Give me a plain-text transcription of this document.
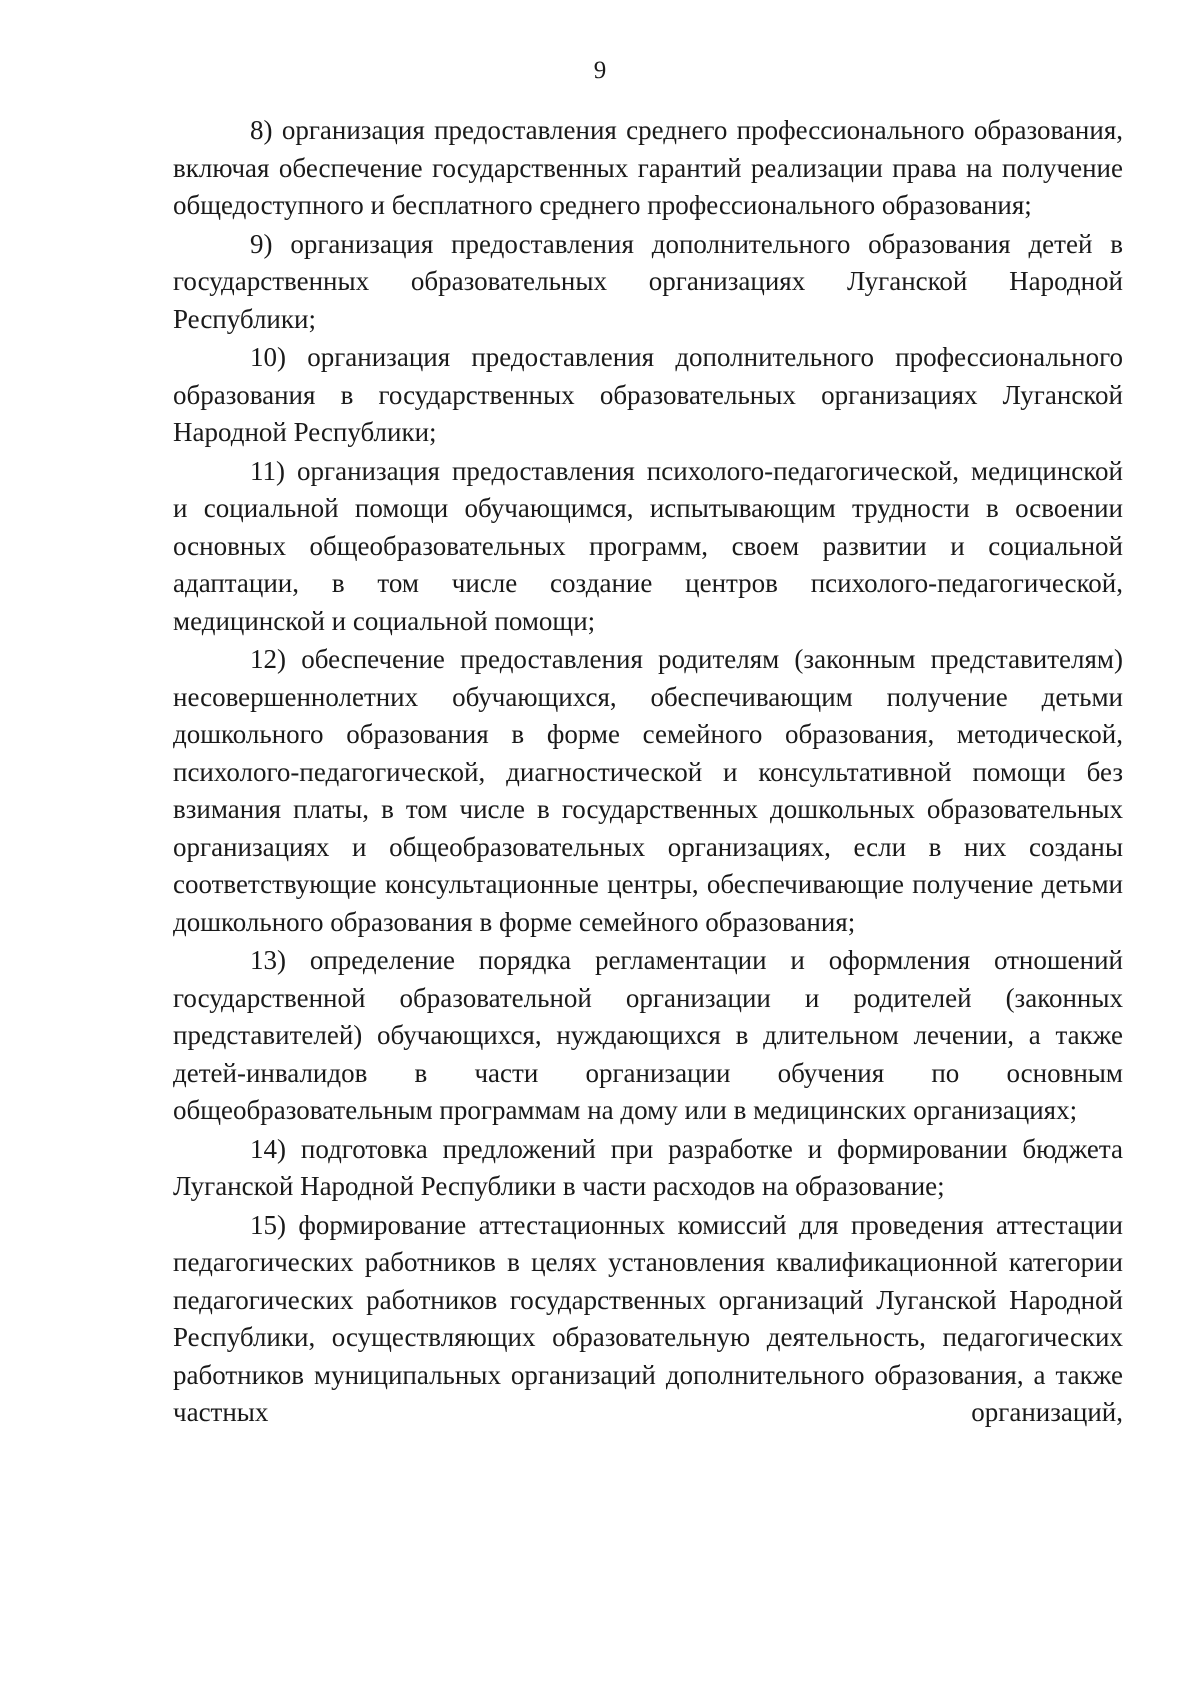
9

8) организация предоставления среднего профессионального образования, включая обеспечение государственных гарантий реализации права на получение общедоступного и бесплатного среднего профессионального образования;

9) организация предоставления дополнительного образования детей в государственных образовательных организациях Луганской Народной Республики;

10) организация предоставления дополнительного профессионального образования в государственных образовательных организациях Луганской Народной Республики;

11) организация предоставления психолого-педагогической, медицинской и социальной помощи обучающимся, испытывающим трудности в освоении основных общеобразовательных программ, своем развитии и социальной адаптации, в том числе создание центров психолого-педагогической, медицинской и социальной помощи;

12) обеспечение предоставления родителям (законным представителям) несовершеннолетних обучающихся, обеспечивающим получение детьми дошкольного образования в форме семейного образования, методической, психолого-педагогической, диагностической и консультативной помощи без взимания платы, в том числе в государственных дошкольных образовательных организациях и общеобразовательных организациях, если в них созданы соответствующие консультационные центры, обеспечивающие получение детьми дошкольного образования в форме семейного образования;

13) определение порядка регламентации и оформления отношений государственной образовательной организации и родителей (законных представителей) обучающихся, нуждающихся в длительном лечении, а также детей-инвалидов в части организации обучения по основным общеобразовательным программам на дому или в медицинских организациях;

14) подготовка предложений при разработке и формировании бюджета Луганской Народной Республики в части расходов на образование;

15) формирование аттестационных комиссий для проведения аттестации педагогических работников в целях установления квалификационной категории педагогических работников государственных организаций Луганской Народной Республики, осуществляющих образовательную деятельность, педагогических работников муниципальных организаций дополнительного образования, а также частных организаций,
